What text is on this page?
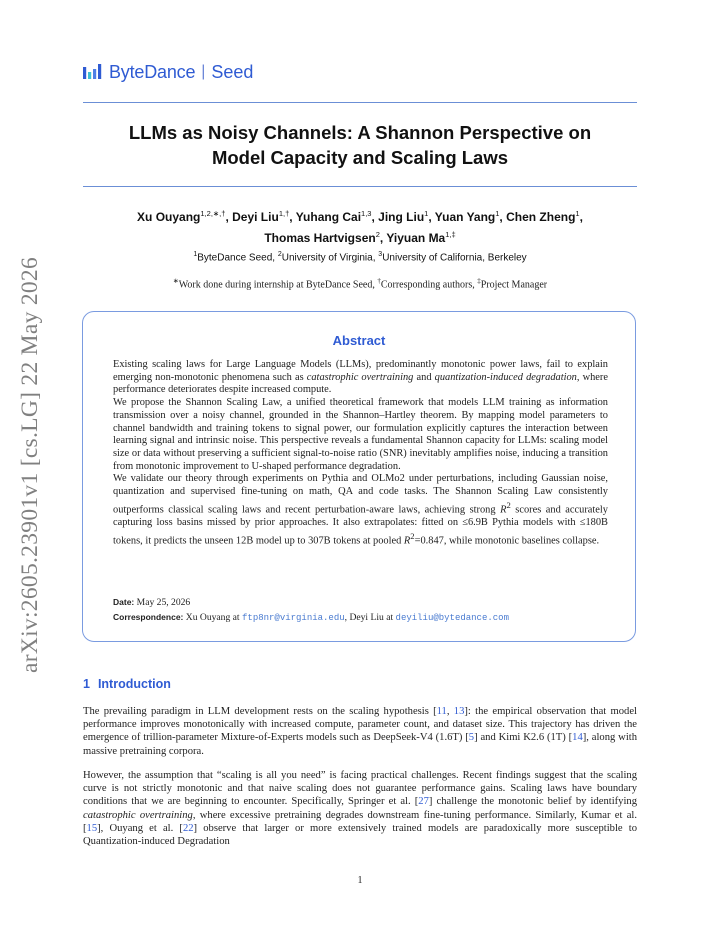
ByteDance | Seed
LLMs as Noisy Channels: A Shannon Perspective on
Model Capacity and Scaling Laws
Xu Ouyang$^{1,2,∗,\dagger}$, Deyi Liu$^{1,\dagger}$, Yuhang Cai$^{1,3}$, Jing Liu$^1$, Yuan Yang$^1$, Chen Zheng$^1$,
Thomas Hartvigsen$^2$, Yiyuan $Ma^{1,\ddagger}$
$^1$ByteDance Seed, $^2$University of Virginia, $^3$University of California, Berkeley
∗Work done during internship at ByteDance Seed, †Corresponding authors, ‡Project Manager
arXiv:2605.23901v1 [cs.LG] 22 May 2026	Abstract

Existing scaling laws for Large Language Models (LLMs), predominantly monotonic power laws, fail to explain emerging non-monotonic phenomena such as catastrophic overtraining and quantization-induced degradation, where performance deteriorates despite increased compute.

We propose the Shannon Scaling Law, a unified theoretical framework that models LLM training as information transmission over a noisy channel, grounded in the Shannon–Hartley theorem. By mapping model parameters to channel bandwidth and training tokens to signal power, our formulation explicitly captures the interaction between learning signal and intrinsic noise. This perspective reveals a fundamental Shannon capacity for LLMs: scaling model size or data without preserving a sufficient signal-to-noise ratio (SNR) inevitably amplifies noise, inducing a transition from monotonic improvement to U-shaped performance degradation.

We validate our theory through experiments on Pythia and OLMo2 under perturbations, including Gaussian noise, quantization and supervised fine-tuning on math, QA and code tasks. The Shannon Scaling Law consistently outperforms classical scaling laws and recent perturbation-aware laws, achieving strong $R^2$ scores and accurately capturing loss basins missed by prior approaches. It also extrapolates: fitted on ≤6.9B Pythia models with ≤180B tokens, it predicts the unseen 12B model up to 307B tokens at pooled $R^2=0.847$, while monotonic baselines collapse.

Date: May 25, 2026
Correspondence: Xu Ouyang at ftp8nr@virginia.edu, Deyi Liu at deyiliu@bytedance.com
1 Introduction

The prevailing paradigm in LLM development rests on the scaling hypothesis [11, 13]: the empirical observation that model performance improves monotonically with increased compute, parameter count, and dataset size. This trajectory has driven the emergence of trillion-parameter Mixture-of-Experts models such as DeepSeek-V4 (1.6T) [5] and Kimi K2.6 (1T) [14], along with massive pretraining corpora.

However, the assumption that “scaling is all you need” is facing practical challenges. Recent findings suggest that the scaling curve is not strictly monotonic and that naive scaling does not guarantee performance gains. Scaling laws have boundary conditions that we are beginning to encounter. Specifically, Springer et al. [27] challenge the monotonic belief by identifying catastrophic overtraining, where excessive pretraining degrades downstream fine-tuning performance. Similarly, Kumar et al. [15], Ouyang et al. [22] observe that larger or more extensively trained models are paradoxically more susceptible to Quantization-induced Degradation

1
